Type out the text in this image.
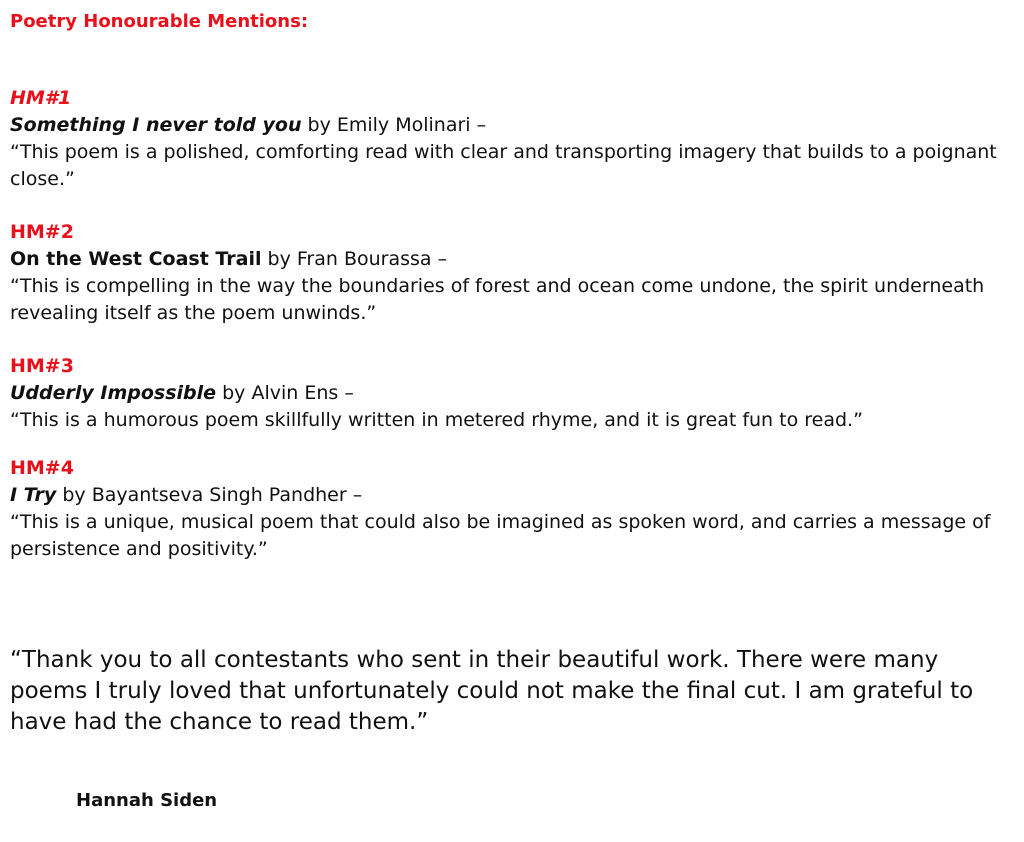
Poetry Honourable Mentions:
HM#1
Something I never told you by Emily Molinari –
“This poem is a polished, comforting read with clear and transporting imagery that builds to a poignant close.”
HM#2
On the West Coast Trail by Fran Bourassa –
“This is compelling in the way the boundaries of forest and ocean come undone, the spirit underneath revealing itself as the poem unwinds.”
HM#3
Udderly Impossible by Alvin Ens –
“This is a humorous poem skillfully written in metered rhyme, and it is great fun to read.”
HM#4
I Try by Bayantseva Singh Pandher –
“This is a unique, musical poem that could also be imagined as spoken word, and carries a message of persistence and positivity.”
“Thank you to all contestants who sent in their beautiful work. There were many poems I truly loved that unfortunately could not make the final cut. I am grateful to have had the chance to read them.”
Hannah Siden
